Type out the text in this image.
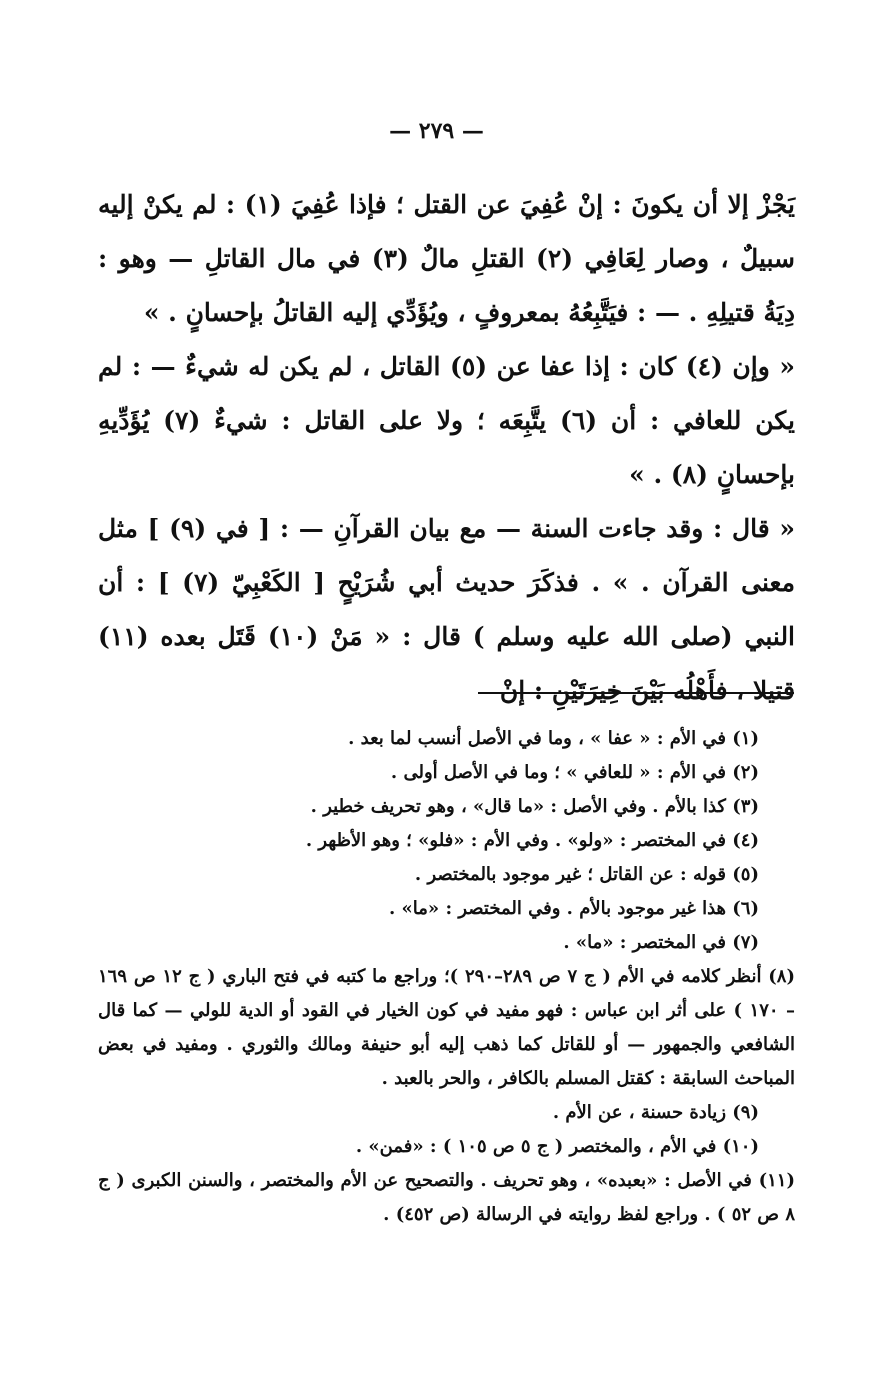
— ٢٧٩ —

يَجْزْ إلا أن يكونَ : إنْ عُفِيَ عن القتل ؛ فإذا عُفِيَ (١) : لم يكنْ إليه سبيلٌ ، وصار لِعَافِي (٢) القتلِ مالٌ (٣) في مال القاتلِ — وهو : دِيَةُ قتيلِهِ . — : فيَتَّبِعُهُ بمعروفٍ ، ويُؤَدِّي إليه القاتلُ بإحسانٍ . »

« وإن (٤) كان : إذا عفا عن (٥) القاتل ، لم يكن له شيءٌ — : لم يكن للعافي : أن (٦) يتَّبِعَه ؛ ولا على القاتل : شيءٌ (٧) يُؤَدِّيهِ بإحسانٍ (٨) . »

« قال : وقد جاءت السنة — مع بيان القرآنِ — : [ في (٩) ] مثل معنى القرآن . » . فذكَرَ حديث أبي شُرَيْحٍ [ الكَعْبِيّ (٧) ] : أن النبي (صلى الله عليه وسلم ) قال : « مَنْ (١٠) قَتَل بعده (١١) قتيلا ، فأَهْلُه بَيْنَ خِيرَتَيْنِ : إنْ

(١) في الأم : « عفا » ، وما في الأصل أنسب لما بعد .

(٢) في الأم : « للعافي » ؛ وما في الأصل أولى .

(٣) كذا بالأم . وفي الأصل : «ما قال» ، وهو تحريف خطير .

(٤) في المختصر : «ولو» . وفي الأم : «فلو» ؛ وهو الأظهر .

(٥) قوله : عن القاتل ؛ غير موجود بالمختصر .

(٦) هذا غير موجود بالأم . وفي المختصر : «ما» .

(٧) في المختصر : «ما» .

(٨) أنظر كلامه في الأم ( ج ٧ ص ٢٨٩–٢٩٠ )؛ وراجع ما كتبه في فتح الباري ( ج ١٢ ص ١٦٩ – ١٧٠ ) على أثر ابن عباس : فهو مفيد في كون الخيار في القود أو الدية للولي — كما قال الشافعي والجمهور — أو للقاتل كما ذهب إليه أبو حنيفة ومالك والثوري . ومفيد في بعض المباحث السابقة : كقتل المسلم بالكافر ، والحر بالعبد .

(٩) زيادة حسنة ، عن الأم .

(١٠) في الأم ، والمختصر ( ج ٥ ص ١٠٥ ) : «فمن» .

(١١) في الأصل : «بعبده» ، وهو تحريف . والتصحيح عن الأم والمختصر ، والسنن الكبرى ( ج ٨ ص ٥٢ ) . وراجع لفظ روايته في الرسالة (ص ٤٥٢) .
